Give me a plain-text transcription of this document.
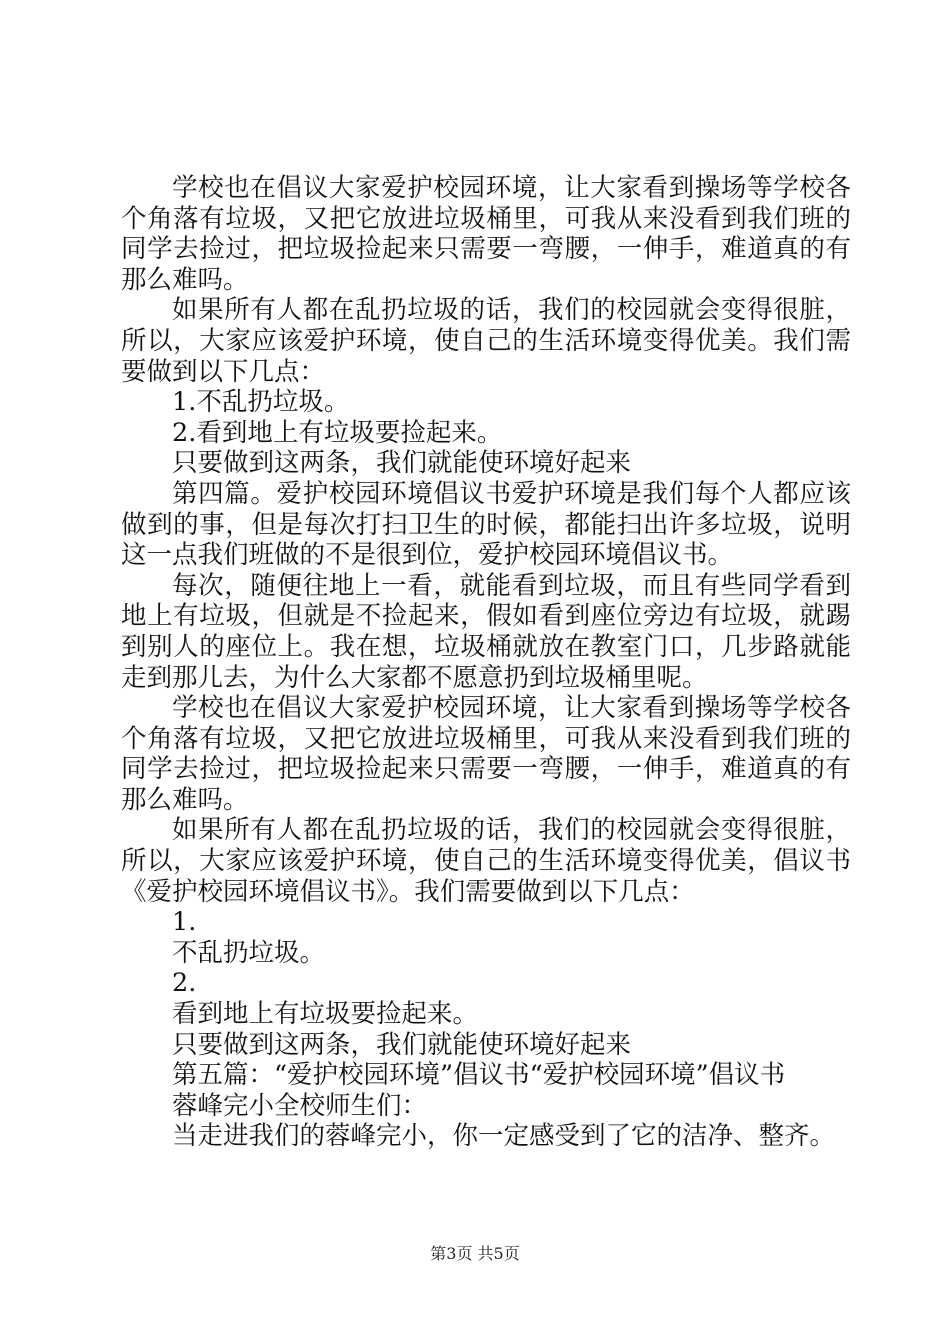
学校也在倡议大家爱护校园环境，让大家看到操场等学校各个角落有垃圾，又把它放进垃圾桶里，可我从来没看到我们班的同学去捡过，把垃圾捡起来只需要一弯腰，一伸手，难道真的有那么难吗。

如果所有人都在乱扔垃圾的话，我们的校园就会变得很脏，所以，大家应该爱护环境，使自己的生活环境变得优美。我们需要做到以下几点：

1.不乱扔垃圾。

2.看到地上有垃圾要捡起来。

只要做到这两条，我们就能使环境好起来

第四篇。爱护校园环境倡议书爱护环境是我们每个人都应该做到的事，但是每次打扫卫生的时候，都能扫出许多垃圾，说明这一点我们班做的不是很到位，爱护校园环境倡议书。

每次，随便往地上一看，就能看到垃圾，而且有些同学看到地上有垃圾，但就是不捡起来，假如看到座位旁边有垃圾，就踢到别人的座位上。我在想，垃圾桶就放在教室门口，几步路就能走到那儿去，为什么大家都不愿意扔到垃圾桶里呢。

学校也在倡议大家爱护校园环境，让大家看到操场等学校各个角落有垃圾，又把它放进垃圾桶里，可我从来没看到我们班的同学去捡过，把垃圾捡起来只需要一弯腰，一伸手，难道真的有那么难吗。

如果所有人都在乱扔垃圾的话，我们的校园就会变得很脏，所以，大家应该爱护环境，使自己的生活环境变得优美，倡议书《爱护校园环境倡议书》。我们需要做到以下几点：

1.

不乱扔垃圾。

2.

看到地上有垃圾要捡起来。

只要做到这两条，我们就能使环境好起来

第五篇：“爱护校园环境”倡议书“爱护校园环境”倡议书

蓉峰完小全校师生们：

当走进我们的蓉峰完小，你一定感受到了它的洁净、整齐。

第3页 共5页
